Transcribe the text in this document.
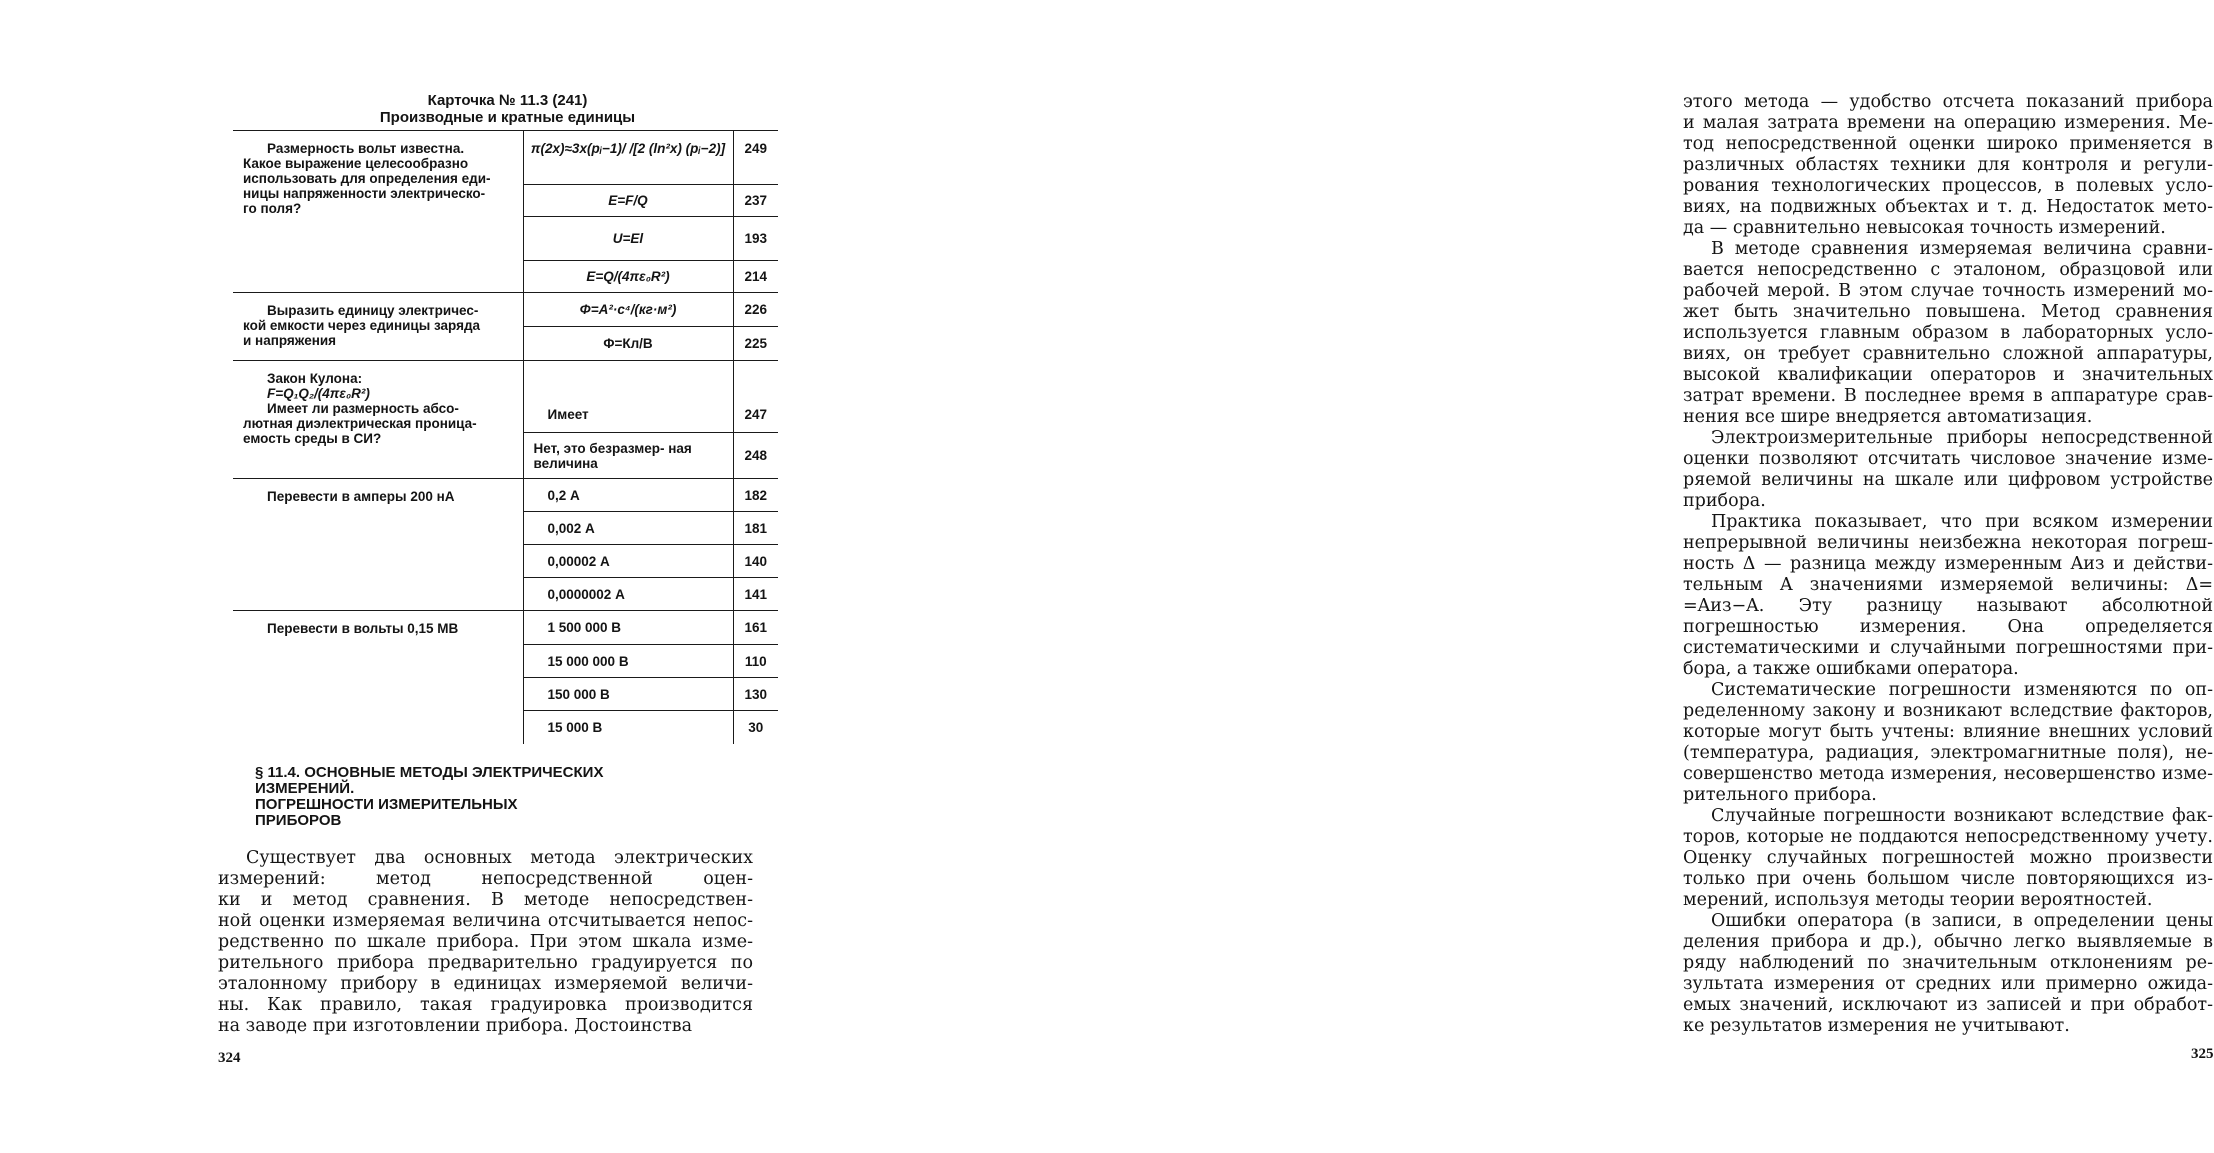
Карточка № 11.3 (241)
Производные и кратные единицы
Размерность вольт известна.
Какое выражение целесообразно
использовать для определения еди-
ницы напряженности электрическо-
го поля?	π(2x)≈3x(pᵢ−1)/ /[2 (ln²x) (pᵢ−2)]	249
	E=F/Q	237
	U=El	193
	E=Q/(4πε₀R²)	214

Выразить единицу электричес-
кой емкости через единицы заряда
и напряжения	Φ=A²·c⁴/(кг·м²)	226
	Φ=Кл/В	225

Закон Кулона:
F=Q₁Q₂/(4πε₀R²)
Имеет ли размерность абсо-
лютная диэлектрическая проница-
емость среды в СИ?	Имеет	247
	Нет, это безразмер- ная величина	248

Перевести в амперы 200 нА	0,2 А	182
	0,002 А	181
	0,00002 А	140
	0,0000002 А	141

Перевести в вольты 0,15 МВ	1 500 000 В	161
	15 000 000 В	110
	150 000 В	130
	15 000 В	30
§ 11.4. ОСНОВНЫЕ МЕТОДЫ ЭЛЕКТРИЧЕСКИХ
ИЗМЕРЕНИЙ.
ПОГРЕШНОСТИ ИЗМЕРИТЕЛЬНЫХ
ПРИБОРОВ
Существует два основных метода электрических
измерений: метод непосредственной оцен-
ки и метод сравнения. В методе непосредствен-
ной оценки измеряемая величина отсчитывается непос-
редственно по шкале прибора. При этом шкала изме-
рительного прибора предварительно градуируется по
эталонному прибору в единицах измеряемой величи-
ны. Как правило, такая градуировка производится
на заводе при изготовлении прибора. Достоинства
324
этого метода — удобство отсчета показаний прибора
и малая затрата времени на операцию измерения. Ме-
тод непосредственной оценки широко применяется в
различных областях техники для контроля и регули-
рования технологических процессов, в полевых усло-
виях, на подвижных объектах и т. д. Недостаток мето-
да — сравнительно невысокая точность измерений.
В методе сравнения измеряемая величина сравни-
вается непосредственно с эталоном, образцовой или
рабочей мерой. В этом случае точность измерений мо-
жет быть значительно повышена. Метод сравнения
используется главным образом в лабораторных усло-
виях, он требует сравнительно сложной аппаратуры,
высокой квалификации операторов и значительных
затрат времени. В последнее время в аппаратуре срав-
нения все шире внедряется автоматизация.
Электроизмерительные приборы непосредственной
оценки позволяют отсчитать числовое значение изме-
ряемой величины на шкале или цифровом устройстве
прибора.
Практика показывает, что при всяком измерении
непрерывной величины неизбежна некоторая погреш-
ность Δ — разница между измеренным Aиз и действи-
тельным A значениями измеряемой величины: Δ=
=Aиз−A. Эту разницу называют абсолютной
погрешностью измерения. Она определяется
систематическими и случайными погрешностями при-
бора, а также ошибками оператора.
Систематические погрешности изменяются по оп-
ределенному закону и возникают вследствие факторов,
которые могут быть учтены: влияние внешних условий
(температура, радиация, электромагнитные поля), не-
совершенство метода измерения, несовершенство изме-
рительного прибора.
Случайные погрешности возникают вследствие фак-
торов, которые не поддаются непосредственному учету.
Оценку случайных погрешностей можно произвести
только при очень большом числе повторяющихся из-
мерений, используя методы теории вероятностей.
Ошибки оператора (в записи, в определении цены
деления прибора и др.), обычно легко выявляемые в
ряду наблюдений по значительным отклонениям ре-
зультата измерения от средних или примерно ожида-
емых значений, исключают из записей и при обработ-
ке результатов измерения не учитывают.
325
